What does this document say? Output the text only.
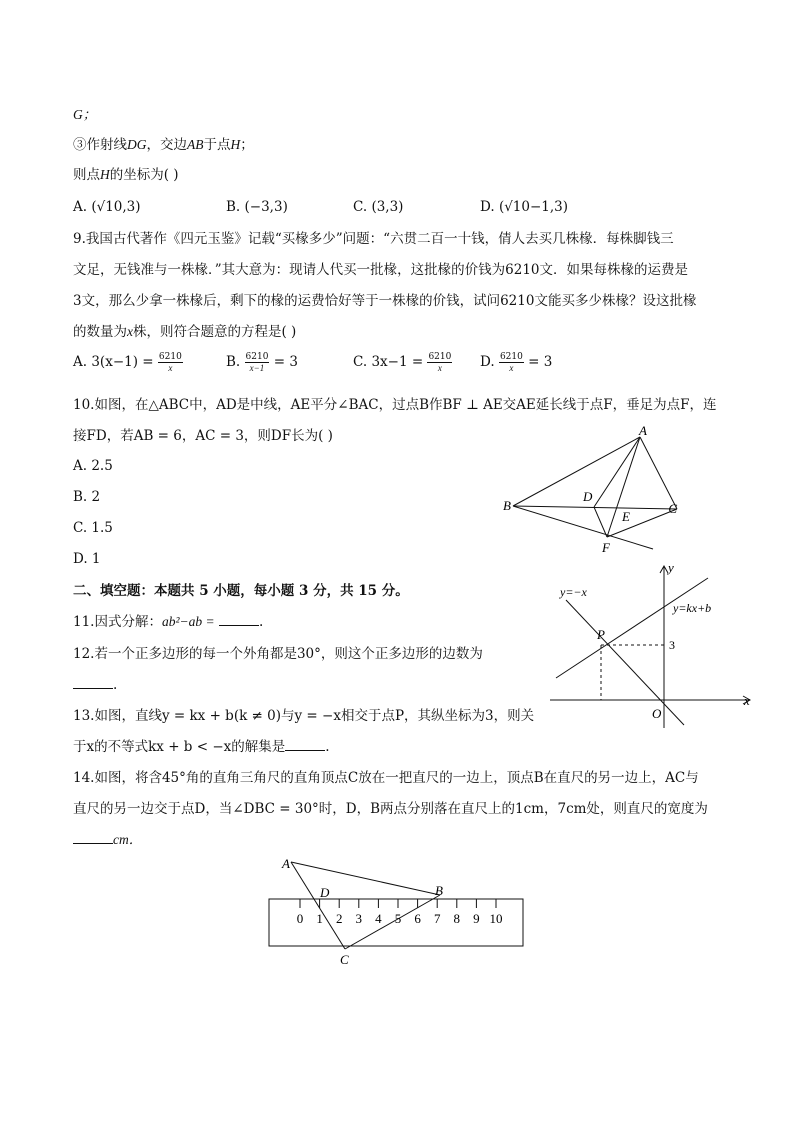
G；
③作射线DG，交边AB于点H；
则点H的坐标为( )
A. (√10,3)	B. (−3,3)	C. (3,3)	D. (√10−1,3)
9.我国古代著作《四元玉鉴》记载“买椽多少”问题：“六贯二百一十钱，倩人去买几株椽．每株脚钱三
文足，无钱准与一株椽．”其大意为：现请人代买一批椽，这批椽的价钱为6210文．如果每株椽的运费是
3文，那么少拿一株椽后，剩下的椽的运费恰好等于一株椽的价钱，试问6210文能买多少株椽？设这批椽
的数量为x株，则符合题意的方程是( )
A. $3(x-1) = \frac{6210}{x}$	B. $\frac{6210}{x-1} = 3$	C. $3x-1 = \frac{6210}{x} D$. $\frac{6210}{x} = 3$
10.如图，在△ABC中，AD是中线，AE平分∠BAC，过点B作BF ⊥ AE交AE延长线于点F，垂足为点F，连
接FD，若AB = 6，AC = 3，则DF长为( )
A. 2.5
B. 2
C. 1.5
D. 1
A
B	C
D
E
F
二、填空题：本题共 5 小题，每小题 3 分，共 15 分。
11.因式分解：ab²−ab =	.
12.若一个正多边形的每一个外角都是30°，则这个正多边形的边数为
.
13.如图，直线y = kx + b(k ≠ 0)与y = −x相交于点P，其纵坐标为3，则关
于x的不等式kx + b < −x的解集是	.
y
x
O
P
3
y=−x
y=kx+b
14.如图，将含45°角的直角三角尺的直角顶点C放在一把直尺的一边上，顶点B在直尺的另一边上，AC与
直尺的另一边交于点D，当∠DBC = 30°时，D，B两点分别落在直尺上的1cm，7cm处，则直尺的宽度为
cm．
0 1 2 3 4 5 6 7 8 9 10
A
B
C
D
